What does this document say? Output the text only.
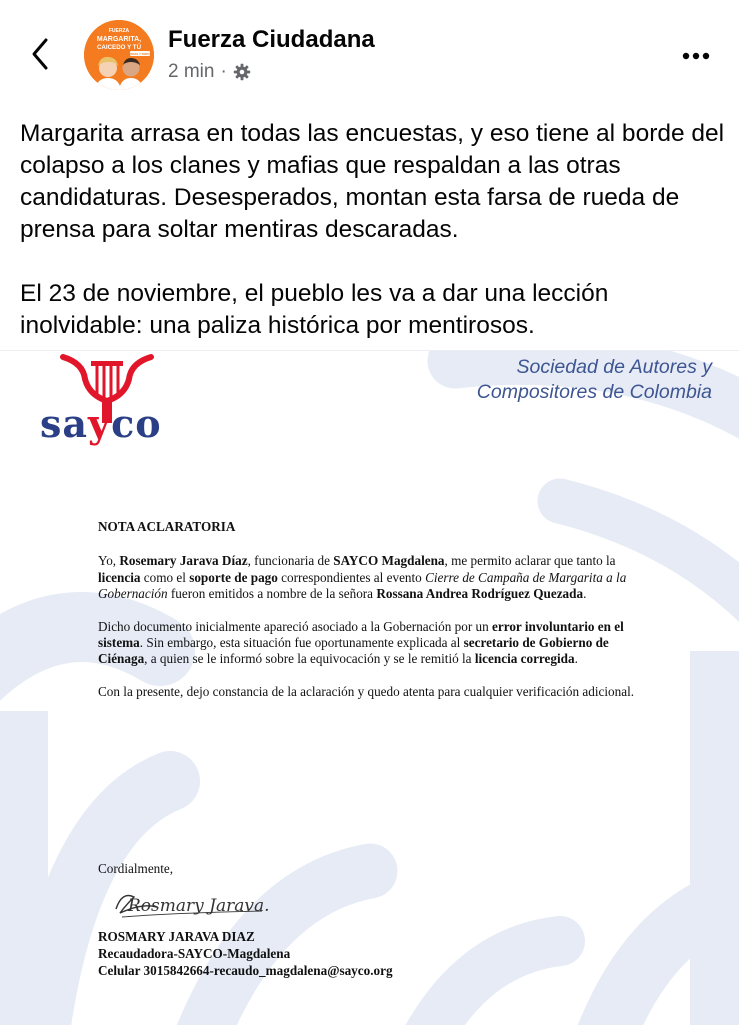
FUERZA
MARGARITA,
CAICEDO Y TÚ
TODAS Y TODOS
Fuerza Ciudadana
2 min ·

Margarita arrasa en todas las encuestas, y eso tiene al borde del colapso a los clanes y mafias que respaldan a las otras candidaturas. Desesperados, montan esta farsa de rueda de prensa para soltar mentiras descaradas.

El 23 de noviembre, el pueblo les va a dar una lección inolvidable: una paliza histórica por mentirosos.

sayco
Sociedad de Autores y
Compositores de Colombia

NOTA ACLARATORIA

Yo, Rosemary Jarava Díaz, funcionaria de SAYCO Magdalena, me permito aclarar que tanto la licencia como el soporte de pago correspondientes al evento Cierre de Campaña de Margarita a la Gobernación fueron emitidos a nombre de la señora Rossana Andrea Rodríguez Quezada.

Dicho documento inicialmente apareció asociado a la Gobernación por un error involuntario en el sistema. Sin embargo, esta situación fue oportunamente explicada al secretario de Gobierno de Ciénaga, a quien se le informó sobre la equivocación y se le remitió la licencia corregida.

Con la presente, dejo constancia de la aclaración y quedo atenta para cualquier verificación adicional.

Cordialmente,
Rosmary Jarava.
ROSMARY JARAVA DIAZ
Recaudadora-SAYCO-Magdalena
Celular 3015842664-recaudo_magdalena@sayco.org
